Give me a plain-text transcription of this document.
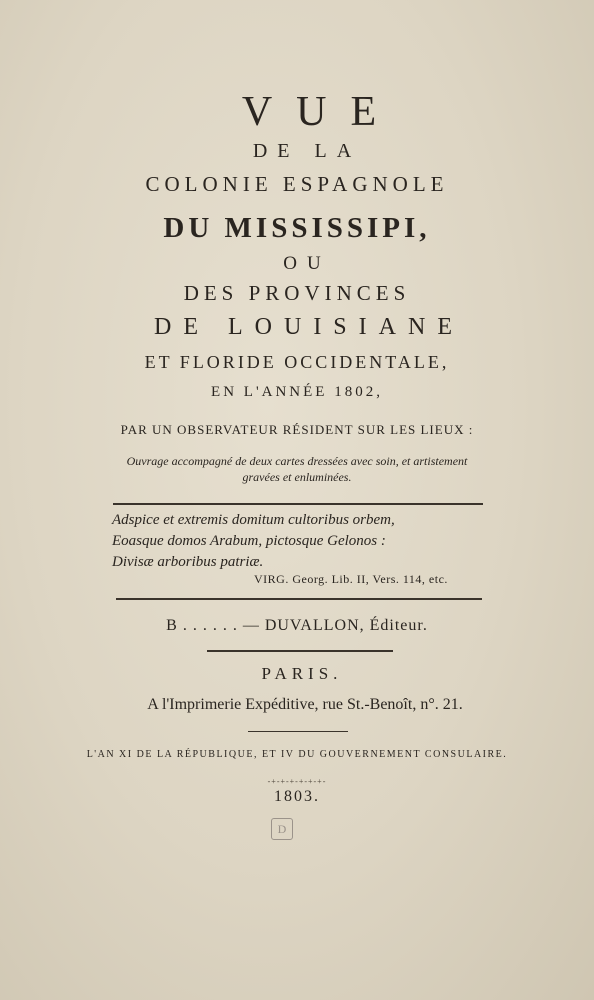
VUE
DE LA
COLONIE ESPAGNOLE
DU MISSISSIPI,
OU
DES PROVINCES
DE LOUISIANE
ET FLORIDE OCCIDENTALE,
EN L'ANNÉE 1802,
PAR UN OBSERVATEUR RÉSIDENT SUR LES LIEUX :
Ouvrage accompagné de deux cartes dressées avec soin, et artistement
gravées et enluminées.
Adspice et extremis domitum cultoribus orbem,
Eoasque domos Arabum, pictosque Gelonos :
Divisæ arboribus patriæ.
VIRG. Georg. Lib. II, Vers. 114, etc.
B . . . . . . — DUVALLON, Éditeur.
PARIS.
A l'Imprimerie Expéditive, rue St.-Benoît, n°. 21.
L'AN XI DE LA RÉPUBLIQUE, ET IV DU GOUVERNEMENT CONSULAIRE.
-+-+-+-+-+-+-
1803.
D
